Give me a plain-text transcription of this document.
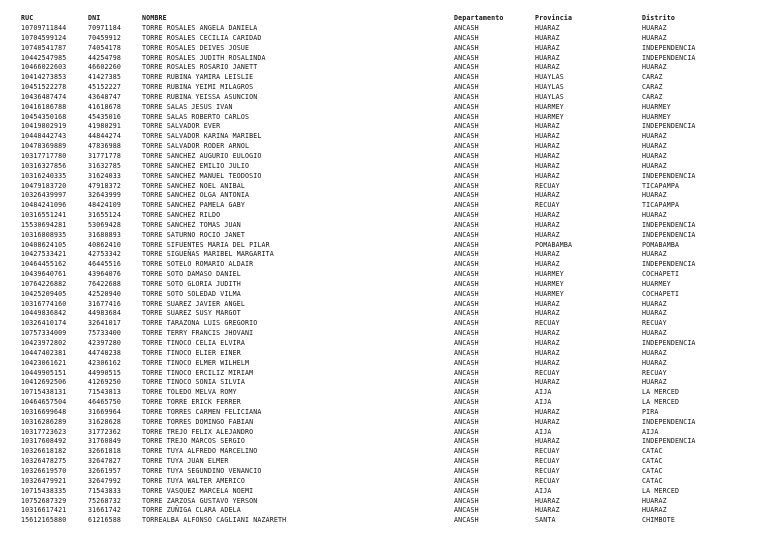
RUC	DNI	NOMBRE	Departamento	Provincia	Distrito
10709711844	70971184	TORRE ROSALES ANGELA DANIELA	ANCASH	HUARAZ	HUARAZ
10704599124	70459912	TORRE ROSALES CECILIA CARIDAD	ANCASH	HUARAZ	HUARAZ
10740541787	74054178	TORRE ROSALES DEIVES JOSUE	ANCASH	HUARAZ	INDEPENDENCIA
10442547985	44254798	TORRE ROSALES JUDITH ROSALINDA	ANCASH	HUARAZ	INDEPENDENCIA
10466022603	46602260	TORRE ROSALES ROSARIO JANETT	ANCASH	HUARAZ	HUARAZ
10414273853	41427385	TORRE RUBINA YAMIRA LEISLIE	ANCASH	HUAYLAS	CARAZ
10451522278	45152227	TORRE RUBINA YEIMI MILAGROS	ANCASH	HUAYLAS	CARAZ
10436487474	43648747	TORRE RUBINA YEISSA ASUNCION	ANCASH	HUAYLAS	CARAZ
10416186788	41618678	TORRE SALAS JESUS IVAN	ANCASH	HUARMEY	HUARMEY
10454350168	45435016	TORRE SALAS ROBERTO CARLOS	ANCASH	HUARMEY	HUARMEY
10419802919	41980291	TORRE SALVADOR EVER	ANCASH	HUARAZ	INDEPENDENCIA
10448442743	44844274	TORRE SALVADOR KARINA MARIBEL	ANCASH	HUARAZ	HUARAZ
10478369889	47836988	TORRE SALVADOR RODER ARNOL	ANCASH	HUARAZ	HUARAZ
10317717780	31771778	TORRE SANCHEZ AUGURIO EULOGIO	ANCASH	HUARAZ	HUARAZ
10316327856	31632785	TORRE SANCHEZ EMILIO JULIO	ANCASH	HUARAZ	HUARAZ
10316240335	31624033	TORRE SANCHEZ MANUEL TEODOSIO	ANCASH	HUARAZ	INDEPENDENCIA
10479183720	47918372	TORRE SANCHEZ NOEL ANIBAL	ANCASH	RECUAY	TICAPAMPA
10326439997	32643999	TORRE SANCHEZ OLGA ANTONIA	ANCASH	HUARAZ	HUARAZ
10484241096	48424109	TORRE SANCHEZ PAMELA GABY	ANCASH	RECUAY	TICAPAMPA
10316551241	31655124	TORRE SANCHEZ RILDO	ANCASH	HUARAZ	HUARAZ
15530694281	53069428	TORRE SANCHEZ TOMAS JUAN	ANCASH	HUARAZ	INDEPENDENCIA
10316808935	31680893	TORRE SATURNO ROCIO JANET	ANCASH	HUARAZ	INDEPENDENCIA
10408624105	40862410	TORRE SIFUENTES MARIA DEL PILAR	ANCASH	POMABAMBA	POMABAMBA
10427533421	42753342	TORRE SIGUEÑAS MARIBEL MARGARITA	ANCASH	HUARAZ	HUARAZ
10464455162	46445516	TORRE SOTELO ROMARIO ALDAIR	ANCASH	HUARAZ	INDEPENDENCIA
10439640761	43964076	TORRE SOTO DAMASO DANIEL	ANCASH	HUARMEY	COCHAPETI
10764226882	76422688	TORRE SOTO GLORIA JUDITH	ANCASH	HUARMEY	HUARMEY
10425209405	42520940	TORRE SOTO SOLEDAD VILMA	ANCASH	HUARMEY	COCHAPETI
10316774160	31677416	TORRE SUAREZ JAVIER ANGEL	ANCASH	HUARAZ	HUARAZ
10449836842	44983684	TORRE SUAREZ SUSY MARGOT	ANCASH	HUARAZ	HUARAZ
10326410174	32641017	TORRE TARAZONA LUIS GREGORIO	ANCASH	RECUAY	RECUAY
10757334009	75733400	TORRE TERRY FRANCIS JHOVANI	ANCASH	HUARAZ	HUARAZ
10423972802	42397280	TORRE TINOCO CELIA ELVIRA	ANCASH	HUARAZ	INDEPENDENCIA
10447402381	44740238	TORRE TINOCO ELIER EINER	ANCASH	HUARAZ	HUARAZ
10423061621	42306162	TORRE TINOCO ELMER WILHELM	ANCASH	HUARAZ	HUARAZ
10449905151	44990515	TORRE TINOCO ERCILIZ MIRIAM	ANCASH	RECUAY	RECUAY
10412692506	41269250	TORRE TINOCO SONIA SILVIA	ANCASH	HUARAZ	HUARAZ
10715438131	71543813	TORRE TOLEDO MELVA ROMY	ANCASH	AIJA	LA MERCED
10464657504	46465750	TORRE TORRE ERICK FERRER	ANCASH	AIJA	LA MERCED
10316699648	31669964	TORRE TORRES CARMEN FELICIANA	ANCASH	HUARAZ	PIRA
10316286289	31628628	TORRE TORRES DOMINGO FABIAN	ANCASH	HUARAZ	INDEPENDENCIA
10317723623	31772362	TORRE TREJO FELIX ALEJANDRO	ANCASH	AIJA	AIJA
10317608492	31760849	TORRE TREJO MARCOS SERGIO	ANCASH	HUARAZ	INDEPENDENCIA
10326618182	32661818	TORRE TUYA ALFREDO MARCELINO	ANCASH	RECUAY	CATAC
10326478275	32647827	TORRE TUYA JUAN ELMER	ANCASH	RECUAY	CATAC
10326619570	32661957	TORRE TUYA SEGUNDINO VENANCIO	ANCASH	RECUAY	CATAC
10326479921	32647992	TORRE TUYA WALTER AMERICO	ANCASH	RECUAY	CATAC
10715438335	71543833	TORRE VASQUEZ MARCELA NOEMI	ANCASH	AIJA	LA MERCED
10752687329	75268732	TORRE ZARZOSA GUSTAVO YERSON	ANCASH	HUARAZ	HUARAZ
10316617421	31661742	TORRE ZUÑIGA CLARA ADELA	ANCASH	HUARAZ	HUARAZ
15612165880	61216588	TORREALBA ALFONSO CAGLIANI NAZARETH	ANCASH	SANTA	CHIMBOTE
